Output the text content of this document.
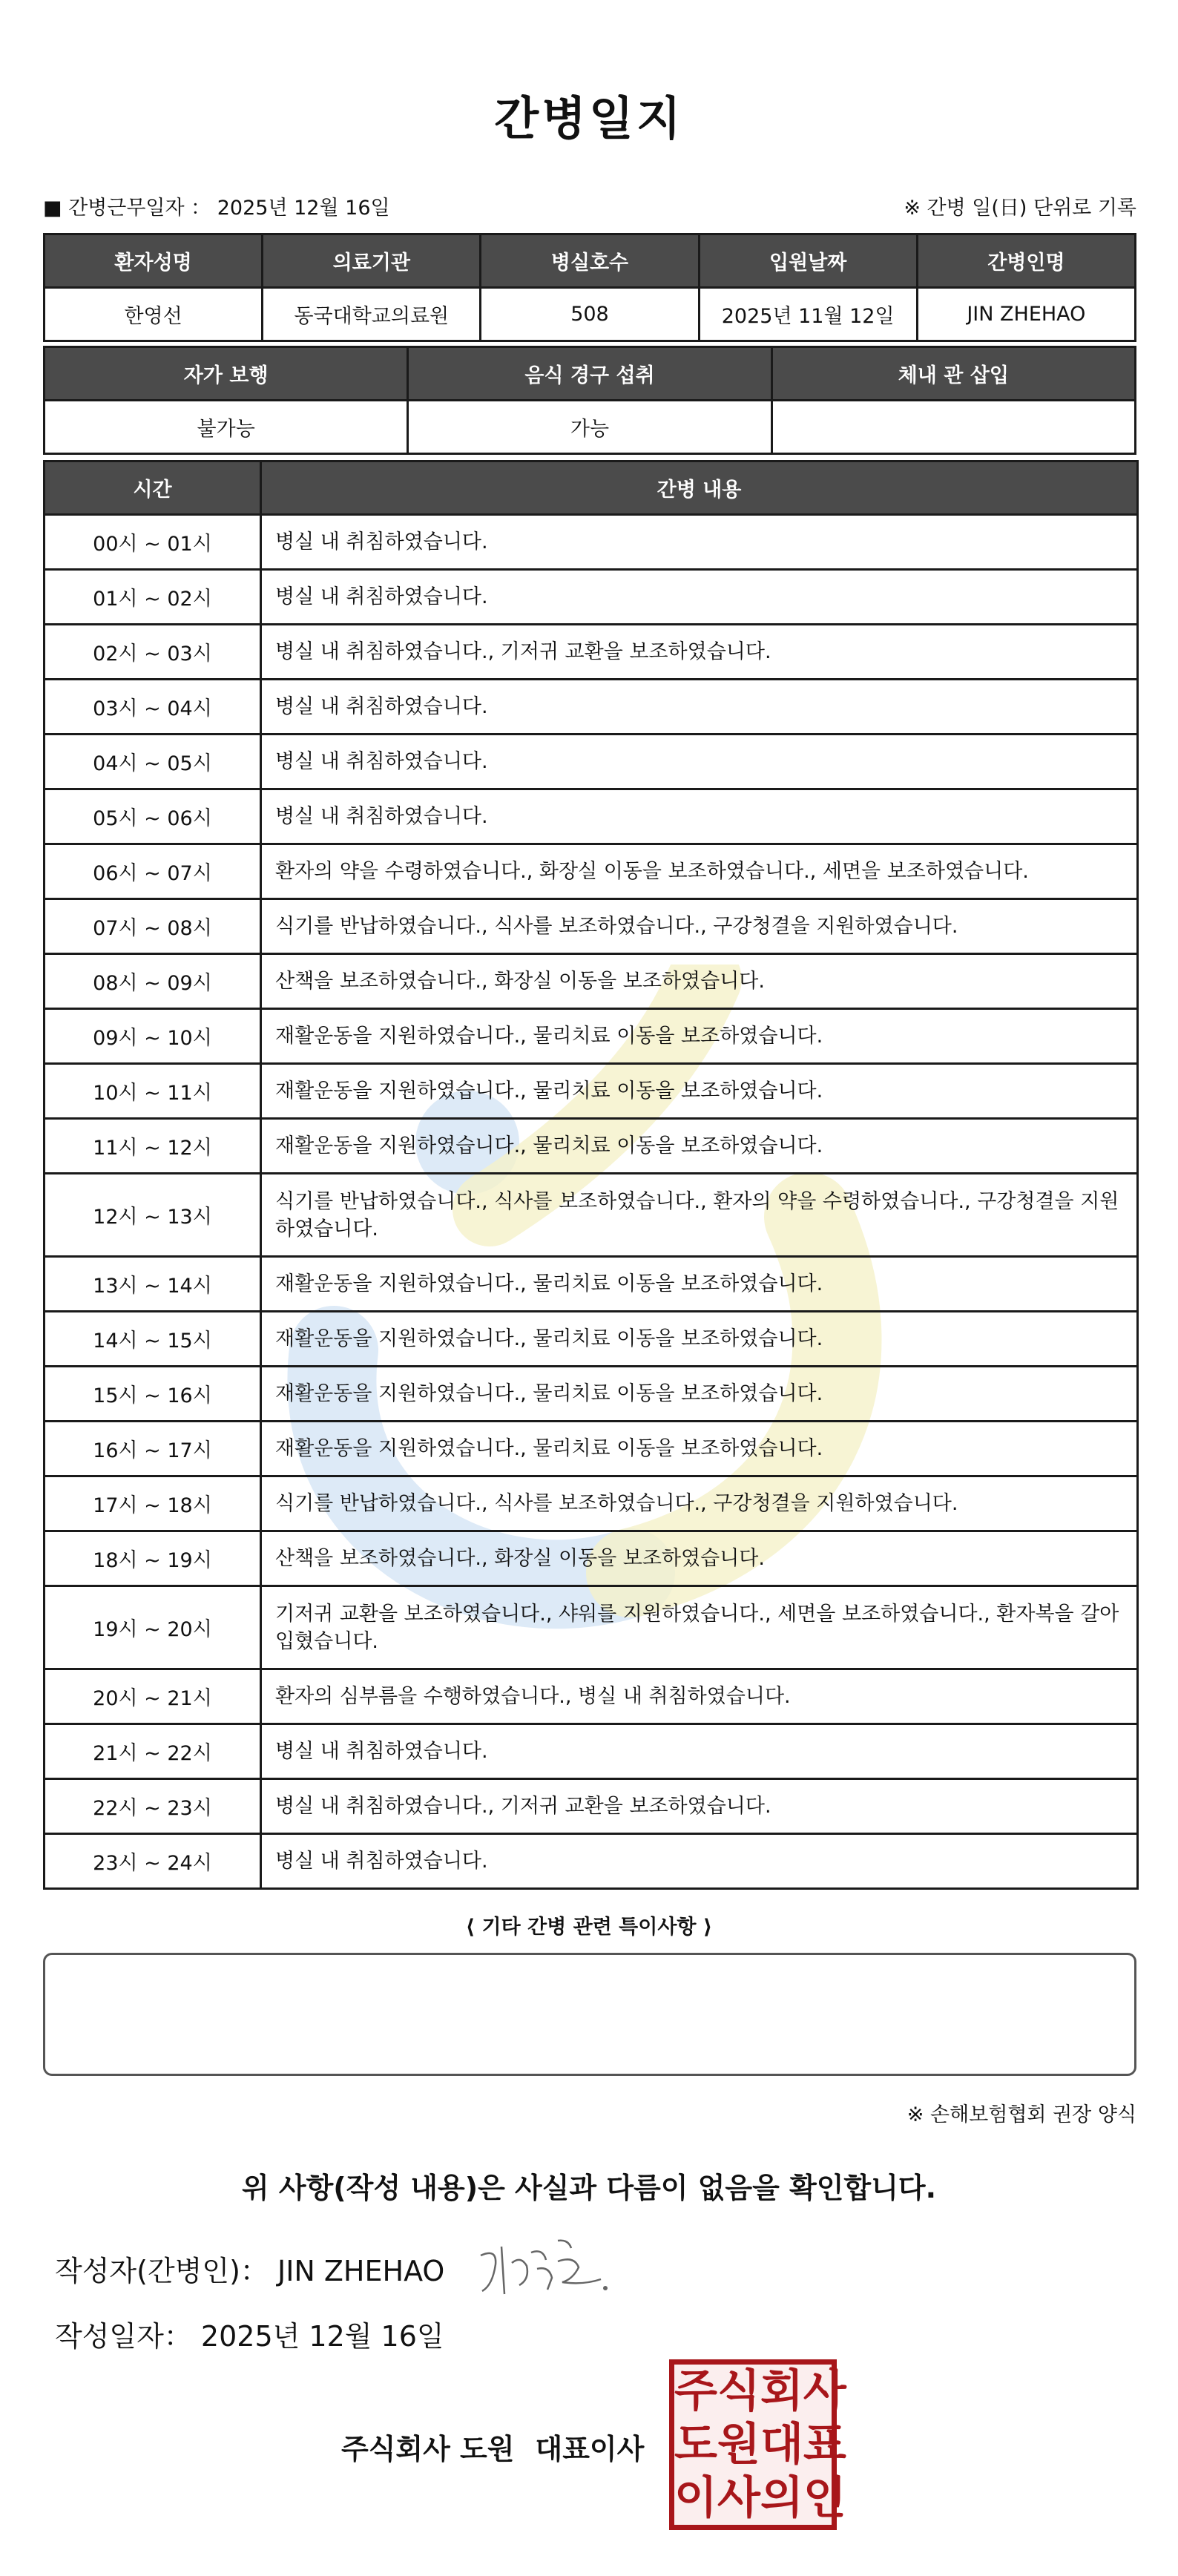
간병일지
■ 간병근무일자 ： 2025년 12월 16일	※ 간병 일(日) 단위로 기록
환자성명	의료기관	병실호수	입원날짜	간병인명
한영선	동국대학교의료원	508	2025년 11월 12일	JIN ZHEHAO
자가 보행	음식 경구 섭취	체내 관 삽입
불가능	가능	
시간	간병 내용
00시 ~ 01시	병실 내 취침하였습니다.
01시 ~ 02시	병실 내 취침하였습니다.
02시 ~ 03시	병실 내 취침하였습니다., 기저귀 교환을 보조하였습니다.
03시 ~ 04시	병실 내 취침하였습니다.
04시 ~ 05시	병실 내 취침하였습니다.
05시 ~ 06시	병실 내 취침하였습니다.
06시 ~ 07시	환자의 약을 수령하였습니다., 화장실 이동을 보조하였습니다., 세면을 보조하였습니다.
07시 ~ 08시	식기를 반납하였습니다., 식사를 보조하였습니다., 구강청결을 지원하였습니다.
08시 ~ 09시	산책을 보조하였습니다., 화장실 이동을 보조하였습니다.
09시 ~ 10시	재활운동을 지원하였습니다., 물리치료 이동을 보조하였습니다.
10시 ~ 11시	재활운동을 지원하였습니다., 물리치료 이동을 보조하였습니다.
11시 ~ 12시	재활운동을 지원하였습니다., 물리치료 이동을 보조하였습니다.
12시 ~ 13시	식기를 반납하였습니다., 식사를 보조하였습니다., 환자의 약을 수령하였습니다., 구강청결을 지원하였습니다.
13시 ~ 14시	재활운동을 지원하였습니다., 물리치료 이동을 보조하였습니다.
14시 ~ 15시	재활운동을 지원하였습니다., 물리치료 이동을 보조하였습니다.
15시 ~ 16시	재활운동을 지원하였습니다., 물리치료 이동을 보조하였습니다.
16시 ~ 17시	재활운동을 지원하였습니다., 물리치료 이동을 보조하였습니다.
17시 ~ 18시	식기를 반납하였습니다., 식사를 보조하였습니다., 구강청결을 지원하였습니다.
18시 ~ 19시	산책을 보조하였습니다., 화장실 이동을 보조하였습니다.
19시 ~ 20시	기저귀 교환을 보조하였습니다., 샤워를 지원하였습니다., 세면을 보조하였습니다., 환자복을 갈아입혔습니다.
20시 ~ 21시	환자의 심부름을 수행하였습니다., 병실 내 취침하였습니다.
21시 ~ 22시	병실 내 취침하였습니다.
22시 ~ 23시	병실 내 취침하였습니다., 기저귀 교환을 보조하였습니다.
23시 ~ 24시	병실 내 취침하였습니다.
⟨ 기타 간병 관련 특이사항 ⟩
※ 손해보험협회 권장 양식
위 사항(작성 내용)은 사실과 다름이 없음을 확인합니다.
작성자(간병인)： JIN ZHEHAO
작성일자： 2025년 12월 16일
주식회사 도원 대표이사
주 식 회 사
도 원 대 표
이 사 의 인
